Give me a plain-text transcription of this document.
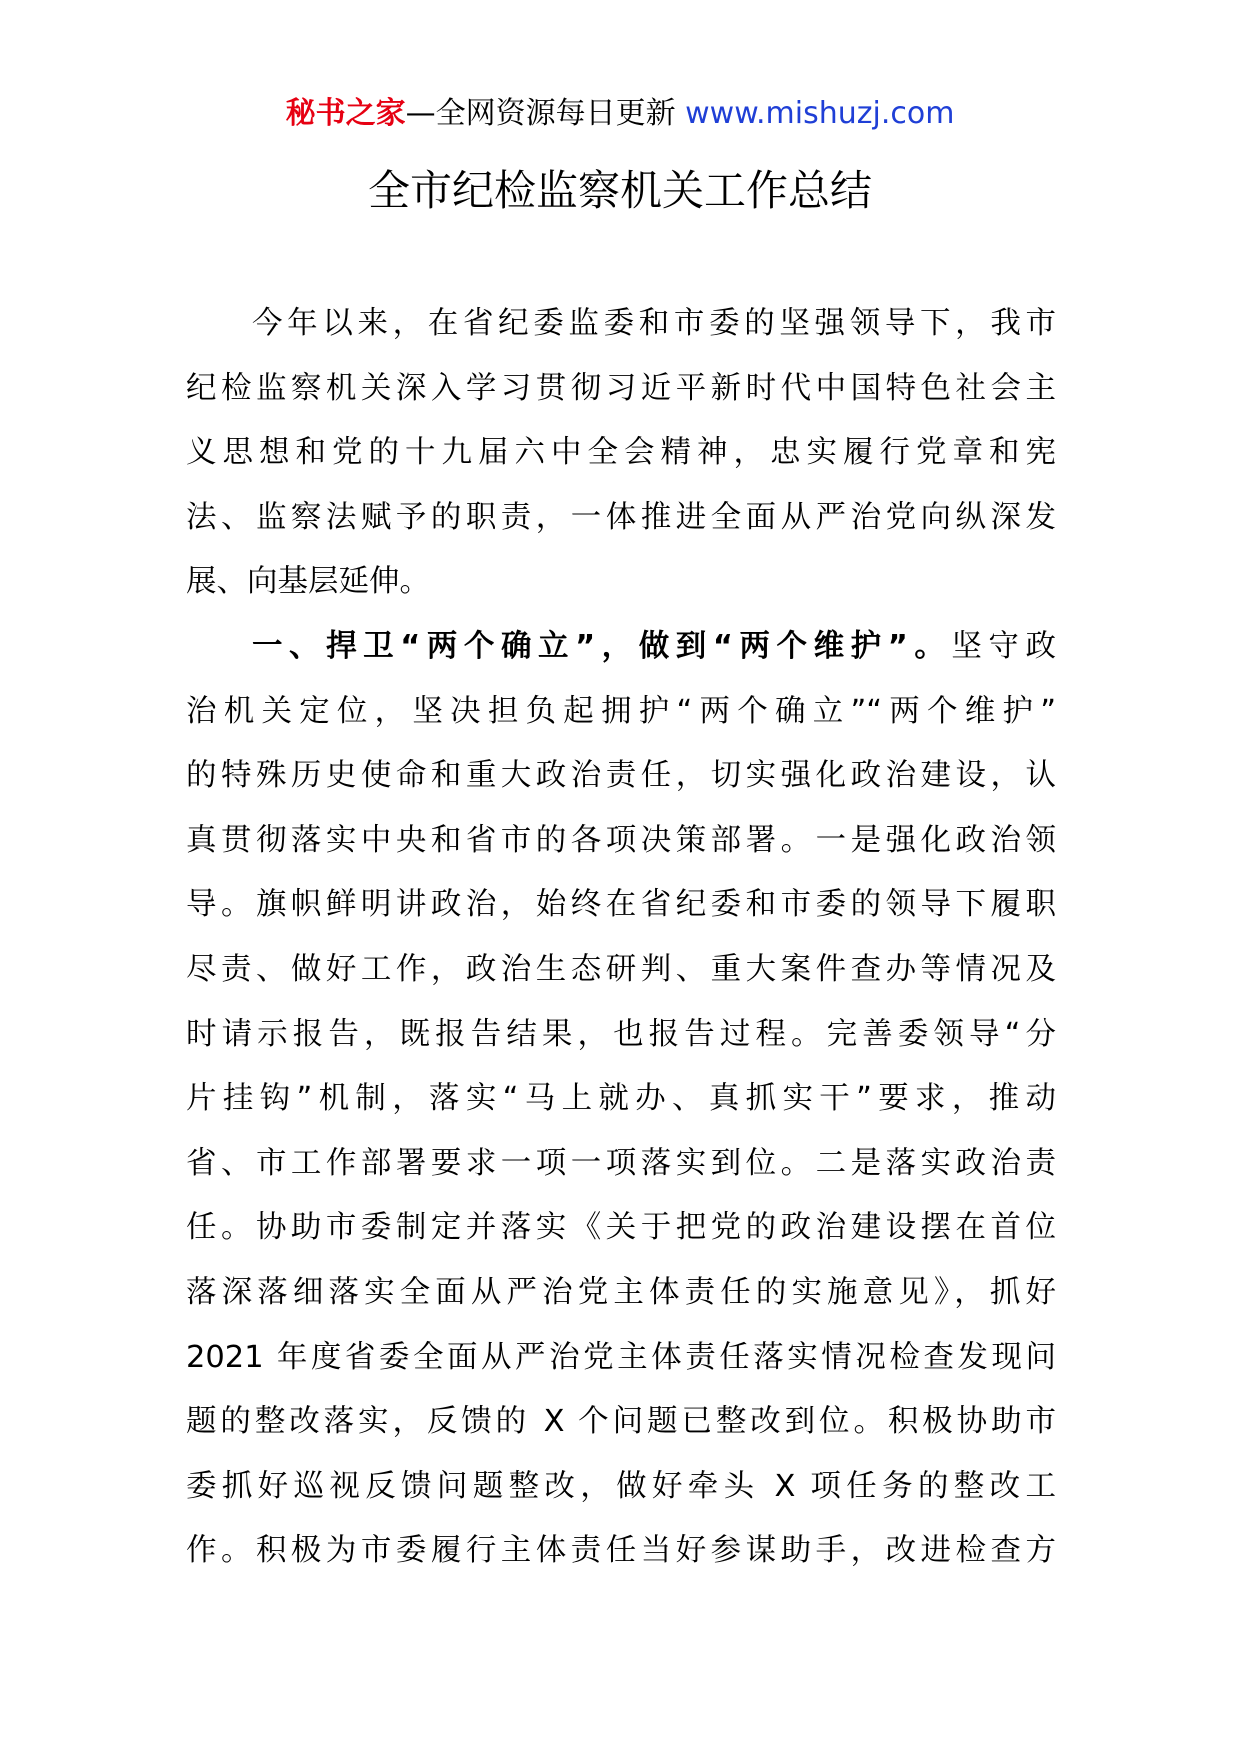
秘书之家—全网资源每日更新 www.mishuzj.com
全市纪检监察机关工作总结
今年以来，在省纪委监委和市委的坚强领导下，我市
纪检监察机关深入学习贯彻习近平新时代中国特色社会主
义思想和党的十九届六中全会精神，忠实履行党章和宪
法、监察法赋予的职责，一体推进全面从严治党向纵深发
展、向基层延伸。
一、捍卫“两个确立”，做到“两个维护”。坚守政
治机关定位，坚决担负起拥护“两个确立”“两个维护”
的特殊历史使命和重大政治责任，切实强化政治建设，认
真贯彻落实中央和省市的各项决策部署。一是强化政治领
导。旗帜鲜明讲政治，始终在省纪委和市委的领导下履职
尽责、做好工作，政治生态研判、重大案件查办等情况及
时请示报告，既报告结果，也报告过程。完善委领导“分
片挂钩”机制，落实“马上就办、真抓实干”要求，推动
省、市工作部署要求一项一项落实到位。二是落实政治责
任。协助市委制定并落实《关于把党的政治建设摆在首位
落深落细落实全面从严治党主体责任的实施意见》，抓好
2021 年度省委全面从严治党主体责任落实情况检查发现问
题的整改落实，反馈的 X 个问题已整改到位。积极协助市
委抓好巡视反馈问题整改，做好牵头 X 项任务的整改工
作。积极为市委履行主体责任当好参谋助手，改进检查方
